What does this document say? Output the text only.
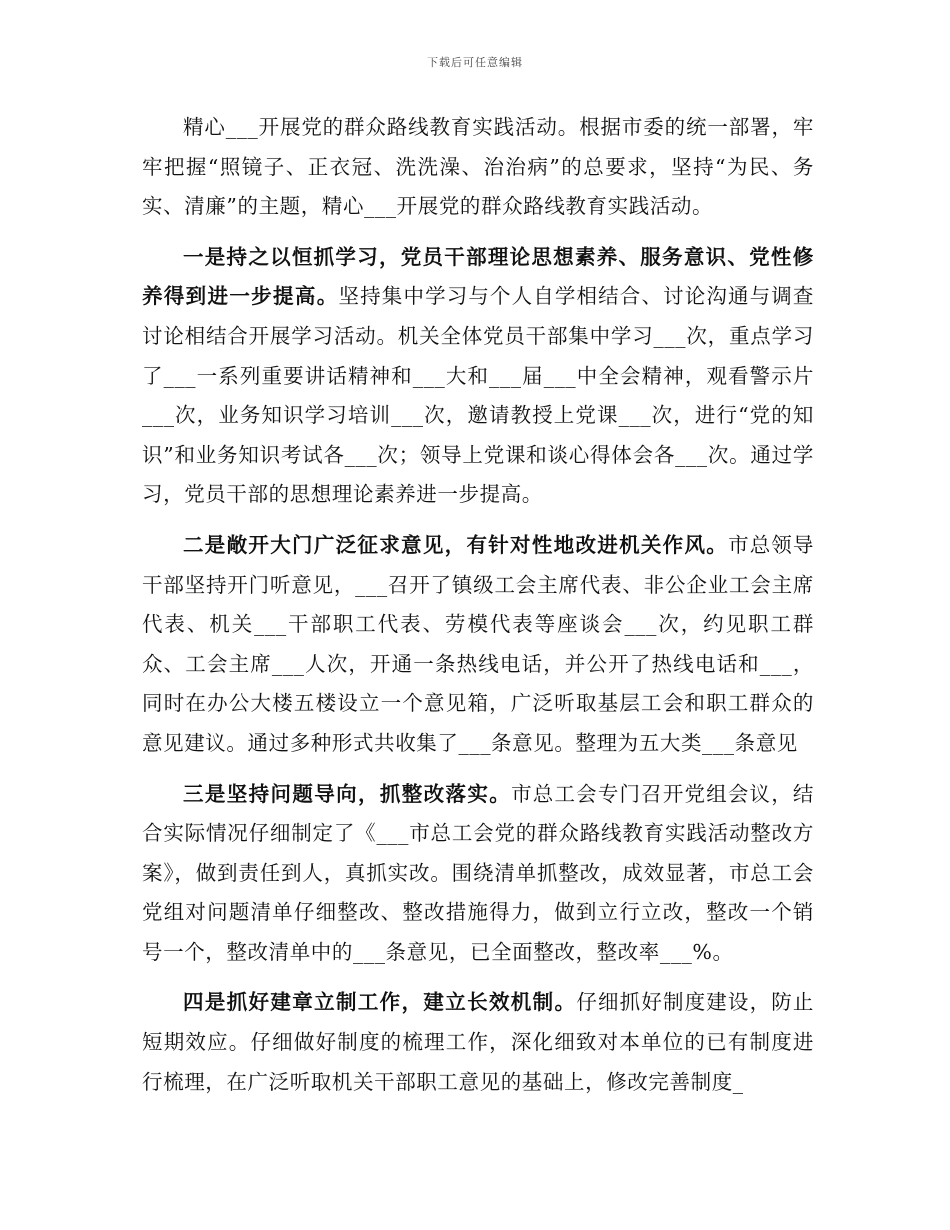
下载后可任意编辑

精心___开展党的群众路线教育实践活动。根据市委的统一部署，牢牢把握“照镜子、正衣冠、洗洗澡、治治病”的总要求，坚持“为民、务实、清廉”的主题，精心___开展党的群众路线教育实践活动。

一是持之以恒抓学习，党员干部理论思想素养、服务意识、党性修养得到进一步提高。坚持集中学习与个人自学相结合、讨论沟通与调查讨论相结合开展学习活动。机关全体党员干部集中学习___次，重点学习了___一系列重要讲话精神和___大和___届___中全会精神，观看警示片___次，业务知识学习培训___次，邀请教授上党课___次，进行“党的知识”和业务知识考试各___次；领导上党课和谈心得体会各___次。通过学习，党员干部的思想理论素养进一步提高。

二是敞开大门广泛征求意见，有针对性地改进机关作风。市总领导干部坚持开门听意见，___召开了镇级工会主席代表、非公企业工会主席代表、机关___干部职工代表、劳模代表等座谈会___次，约见职工群众、工会主席___人次，开通一条热线电话，并公开了热线电话和___，同时在办公大楼五楼设立一个意见箱，广泛听取基层工会和职工群众的意见建议。通过多种形式共收集了___条意见。整理为五大类___条意见

三是坚持问题导向，抓整改落实。市总工会专门召开党组会议，结合实际情况仔细制定了《___市总工会党的群众路线教育实践活动整改方案》，做到责任到人，真抓实改。围绕清单抓整改，成效显著，市总工会党组对问题清单仔细整改、整改措施得力，做到立行立改，整改一个销号一个，整改清单中的___条意见，已全面整改，整改率___%。

四是抓好建章立制工作，建立长效机制。仔细抓好制度建设，防止短期效应。仔细做好制度的梳理工作，深化细致对本单位的已有制度进行梳理，在广泛听取机关干部职工意见的基础上，修改完善制度_
